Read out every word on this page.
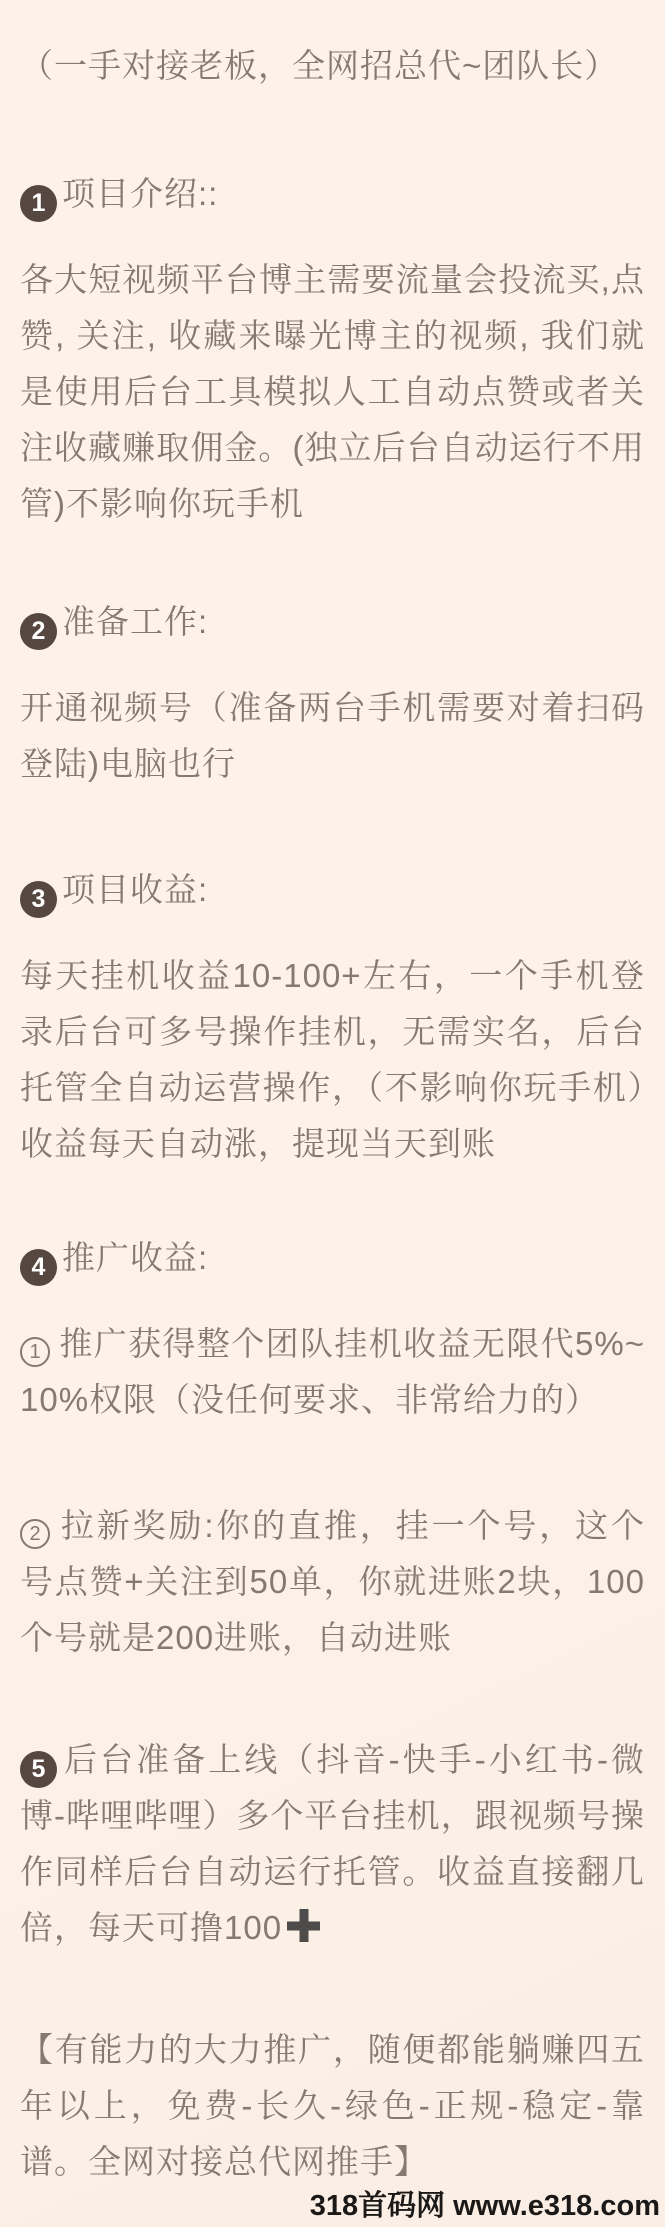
（一手对接老板，全网招总代~团队长）
1 项目介绍::

各大短视频平台博主需要流量会投流买,点赞, 关注, 收藏来曝光博主的视频, 我们就是使用后台工具模拟人工自动点赞或者关注收藏赚取佣金。(独立后台自动运行不用管)不影响你玩手机

2 准备工作:

开通视频号（准备两台手机需要对着扫码登陆)电脑也行

3 项目收益:

每天挂机收益10-100+左右，一个手机登录后台可多号操作挂机，无需实名，后台托管全自动运营操作，（不影响你玩手机）收益每天自动涨，提现当天到账

4 推广收益:

1 推广获得整个团队挂机收益无限代5%~10%权限（没任何要求、非常给力的）

2 拉新奖励:你的直推，挂一个号，这个号点赞+关注到50单，你就进账2块，100个号就是200进账，自动进账

5 后台准备上线（抖音-快手-小红书-微博-哔哩哔哩）多个平台挂机，跟视频号操作同样后台自动运行托管。收益直接翻几倍，每天可撸100

【有能力的大力推广，随便都能躺赚四五年以上，免费-长久-绿色-正规-稳定-靠谱。全网对接总代网推手】

318首码网 www.e318.com
